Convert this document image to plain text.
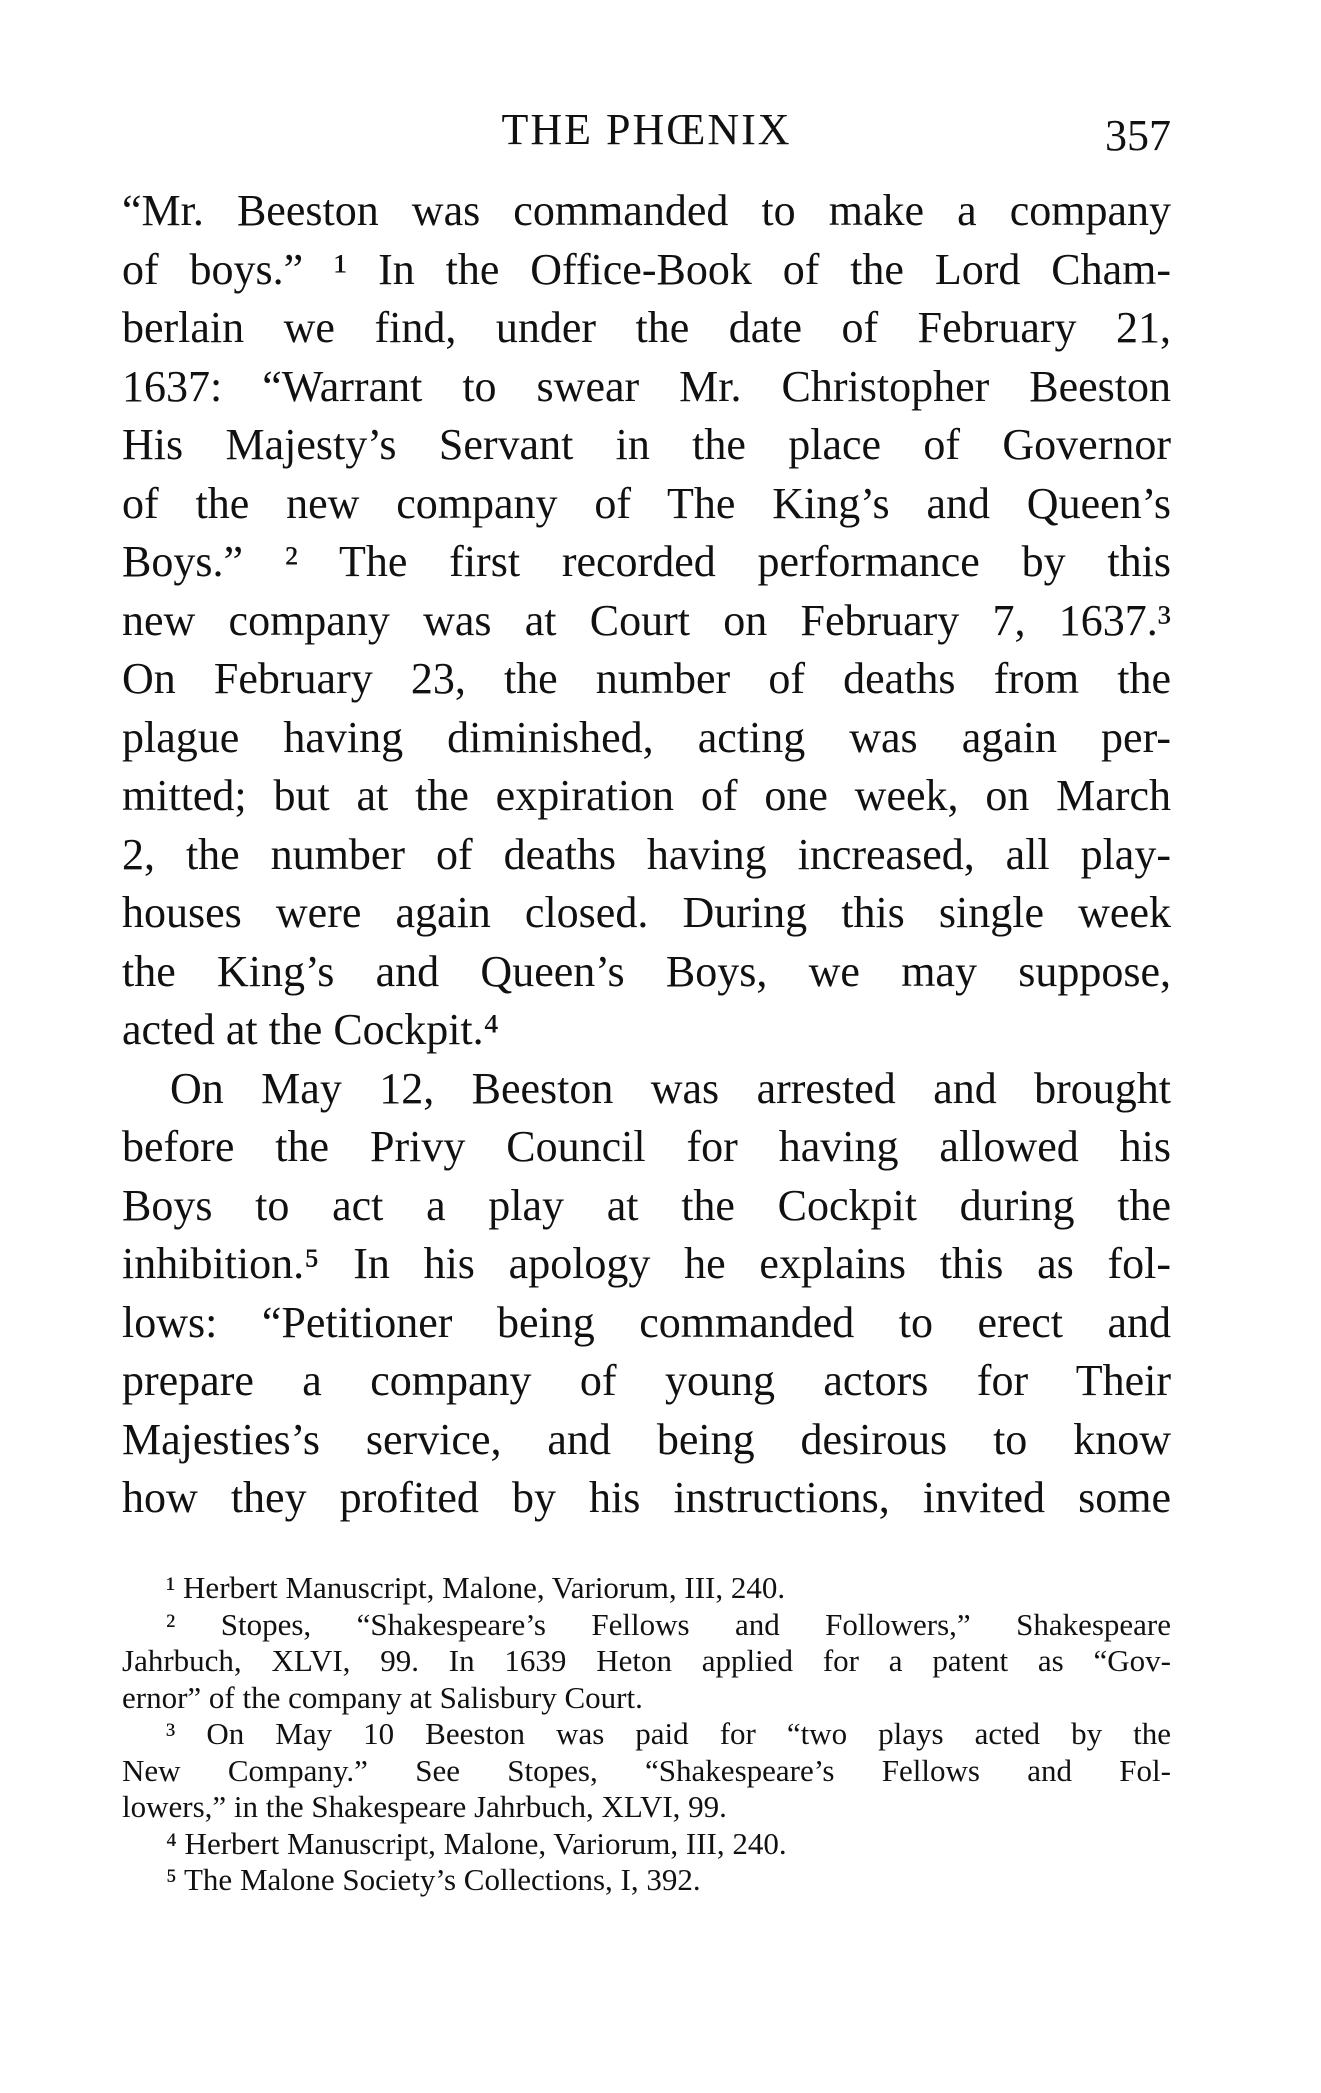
THE PHŒNIX	357
“Mr. Beeston was commanded to make a company
of boys.” ¹ In the Office-Book of the Lord Cham-
berlain we find, under the date of February 21,
1637: “Warrant to swear Mr. Christopher Beeston
His Majesty’s Servant in the place of Governor
of the new company of The King’s and Queen’s
Boys.” ² The first recorded performance by this
new company was at Court on February 7, 1637.³
On February 23, the number of deaths from the
plague having diminished, acting was again per-
mitted; but at the expiration of one week, on March
2, the number of deaths having increased, all play-
houses were again closed. During this single week
the King’s and Queen’s Boys, we may suppose,
acted at the Cockpit.⁴
On May 12, Beeston was arrested and brought
before the Privy Council for having allowed his
Boys to act a play at the Cockpit during the
inhibition.⁵ In his apology he explains this as fol-
lows: “Petitioner being commanded to erect and
prepare a company of young actors for Their
Majesties’s service, and being desirous to know
how they profited by his instructions, invited some
¹ Herbert Manuscript, Malone, Variorum, III, 240.
² Stopes, “Shakespeare’s Fellows and Followers,” Shakespeare
Jahrbuch, XLVI, 99. In 1639 Heton applied for a patent as “Gov-
ernor” of the company at Salisbury Court.
³ On May 10 Beeston was paid for “two plays acted by the
New Company.” See Stopes, “Shakespeare’s Fellows and Fol-
lowers,” in the Shakespeare Jahrbuch, XLVI, 99.
⁴ Herbert Manuscript, Malone, Variorum, III, 240.
⁵ The Malone Society’s Collections, I, 392.
